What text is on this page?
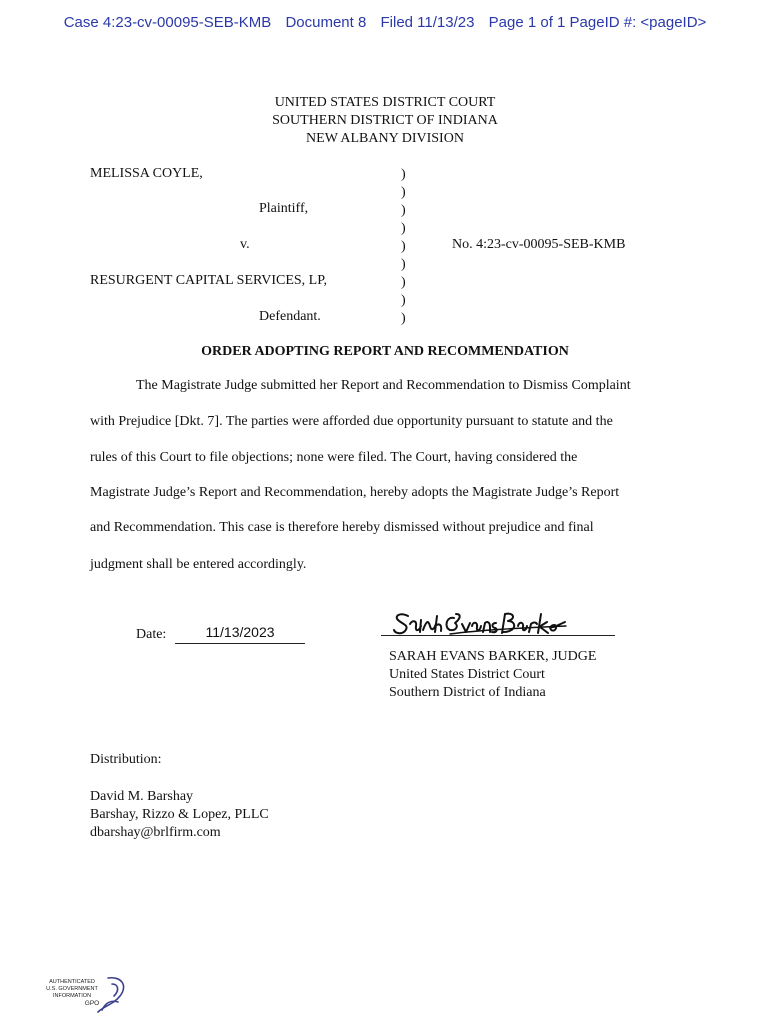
Case 4:23-cv-00095-SEB-KMB Document 8 Filed 11/13/23 Page 1 of 1 PageID #: <pageID>
UNITED STATES DISTRICT COURT
SOUTHERN DISTRICT OF INDIANA
NEW ALBANY DIVISION
MELISSA COYLE,
Plaintiff,
v.
RESURGENT CAPITAL SERVICES, LP,
Defendant.
No. 4:23-cv-00095-SEB-KMB
)
)
)
)
)
)
)
)
)
ORDER ADOPTING REPORT AND RECOMMENDATION
The Magistrate Judge submitted her Report and Recommendation to Dismiss Complaint
with Prejudice [Dkt. 7]. The parties were afforded due opportunity pursuant to statute and the
rules of this Court to file objections; none were filed. The Court, having considered the
Magistrate Judge’s Report and Recommendation, hereby adopts the Magistrate Judge’s Report
and Recommendation. This case is therefore hereby dismissed without prejudice and final
judgment shall be entered accordingly.
Date:	11/13/2023
Sarah Evans Barker
SARAH EVANS BARKER, JUDGE
United States District Court
Southern District of Indiana
Distribution:
David M. Barshay
Barshay, Rizzo & Lopez, PLLC
dbarshay@brlfirm.com
AUTHENTICATED
U.S. GOVERNMENT
INFORMATION
GPO
